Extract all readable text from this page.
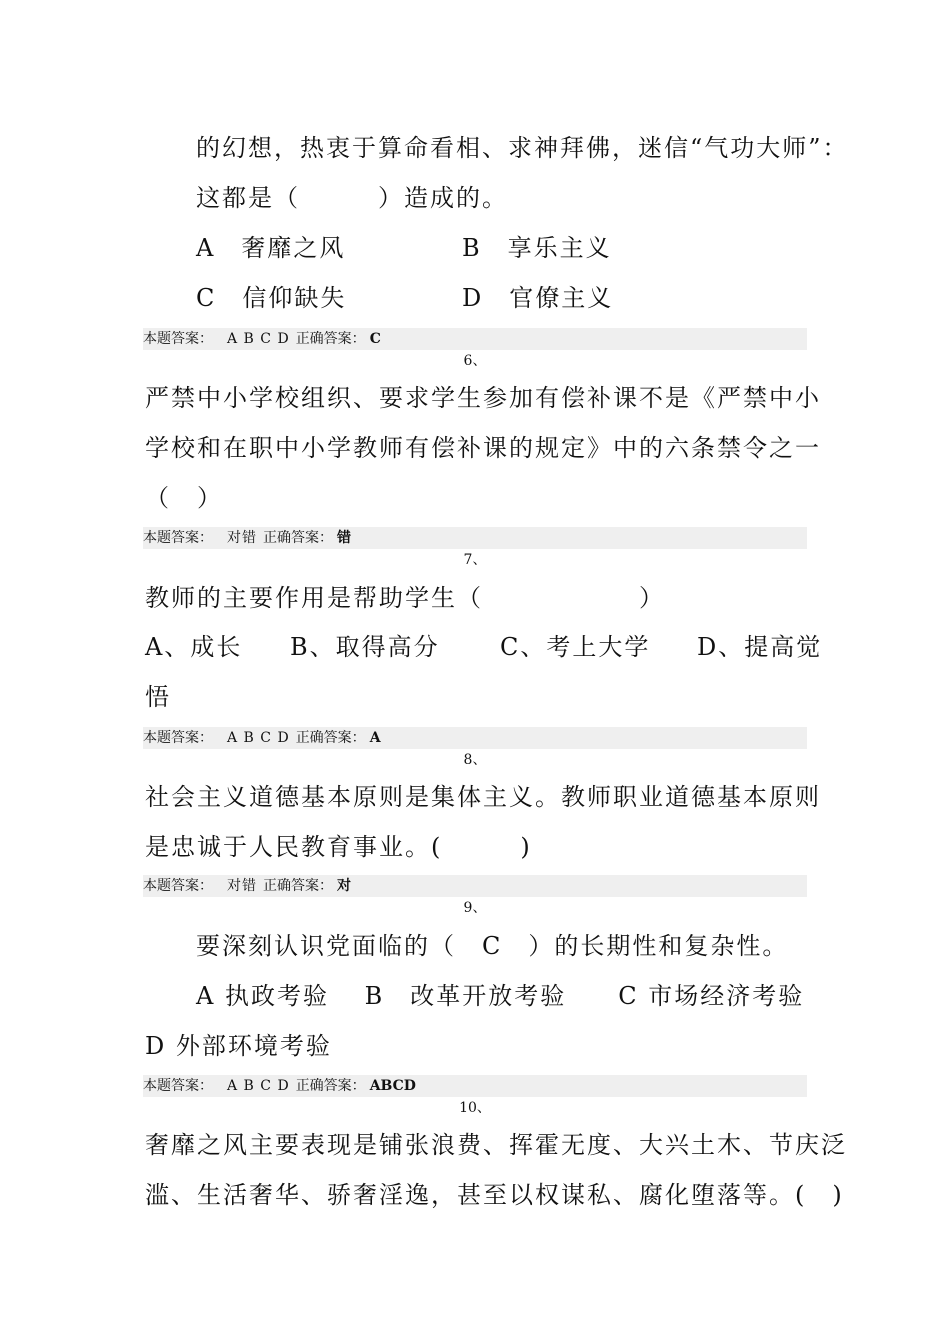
的幻想，热衷于算命看相、求神拜佛，迷信“气功大师”：
这都是（　　　）造成的。
A　 奢靡之风	B　 享乐主义
C　 信仰缺失	D　 官僚主义
本题答案： A B C D 正确答案： C
6、
严禁中小学校组织、要求学生参加有偿补课不是《严禁中小
学校和在职中小学教师有偿补课的规定》中的六条禁令之一
（　）
本题答案： 对错 正确答案： 错
7、
教师的主要作用是帮助学生（　　　　　　）
A、成长 B、取得高分	C、考上大学 D、提高觉
悟
本题答案： A B C D 正确答案： A
8、
社会主义道德基本原则是集体主义。教师职业道德基本原则
是忠诚于人民教育事业。(　　　)
本题答案： 对错 正确答案： 对
9、
要深刻认识党面临的（　C　）的长期性和复杂性。
A 执政考验　 B　改革开放考验　　C 市场经济考验
D 外部环境考验
本题答案： A B C D 正确答案： ABCD
10、
奢靡之风主要表现是铺张浪费、挥霍无度、大兴土木、节庆泛
滥、生活奢华、骄奢淫逸，甚至以权谋私、腐化堕落等。(　)
